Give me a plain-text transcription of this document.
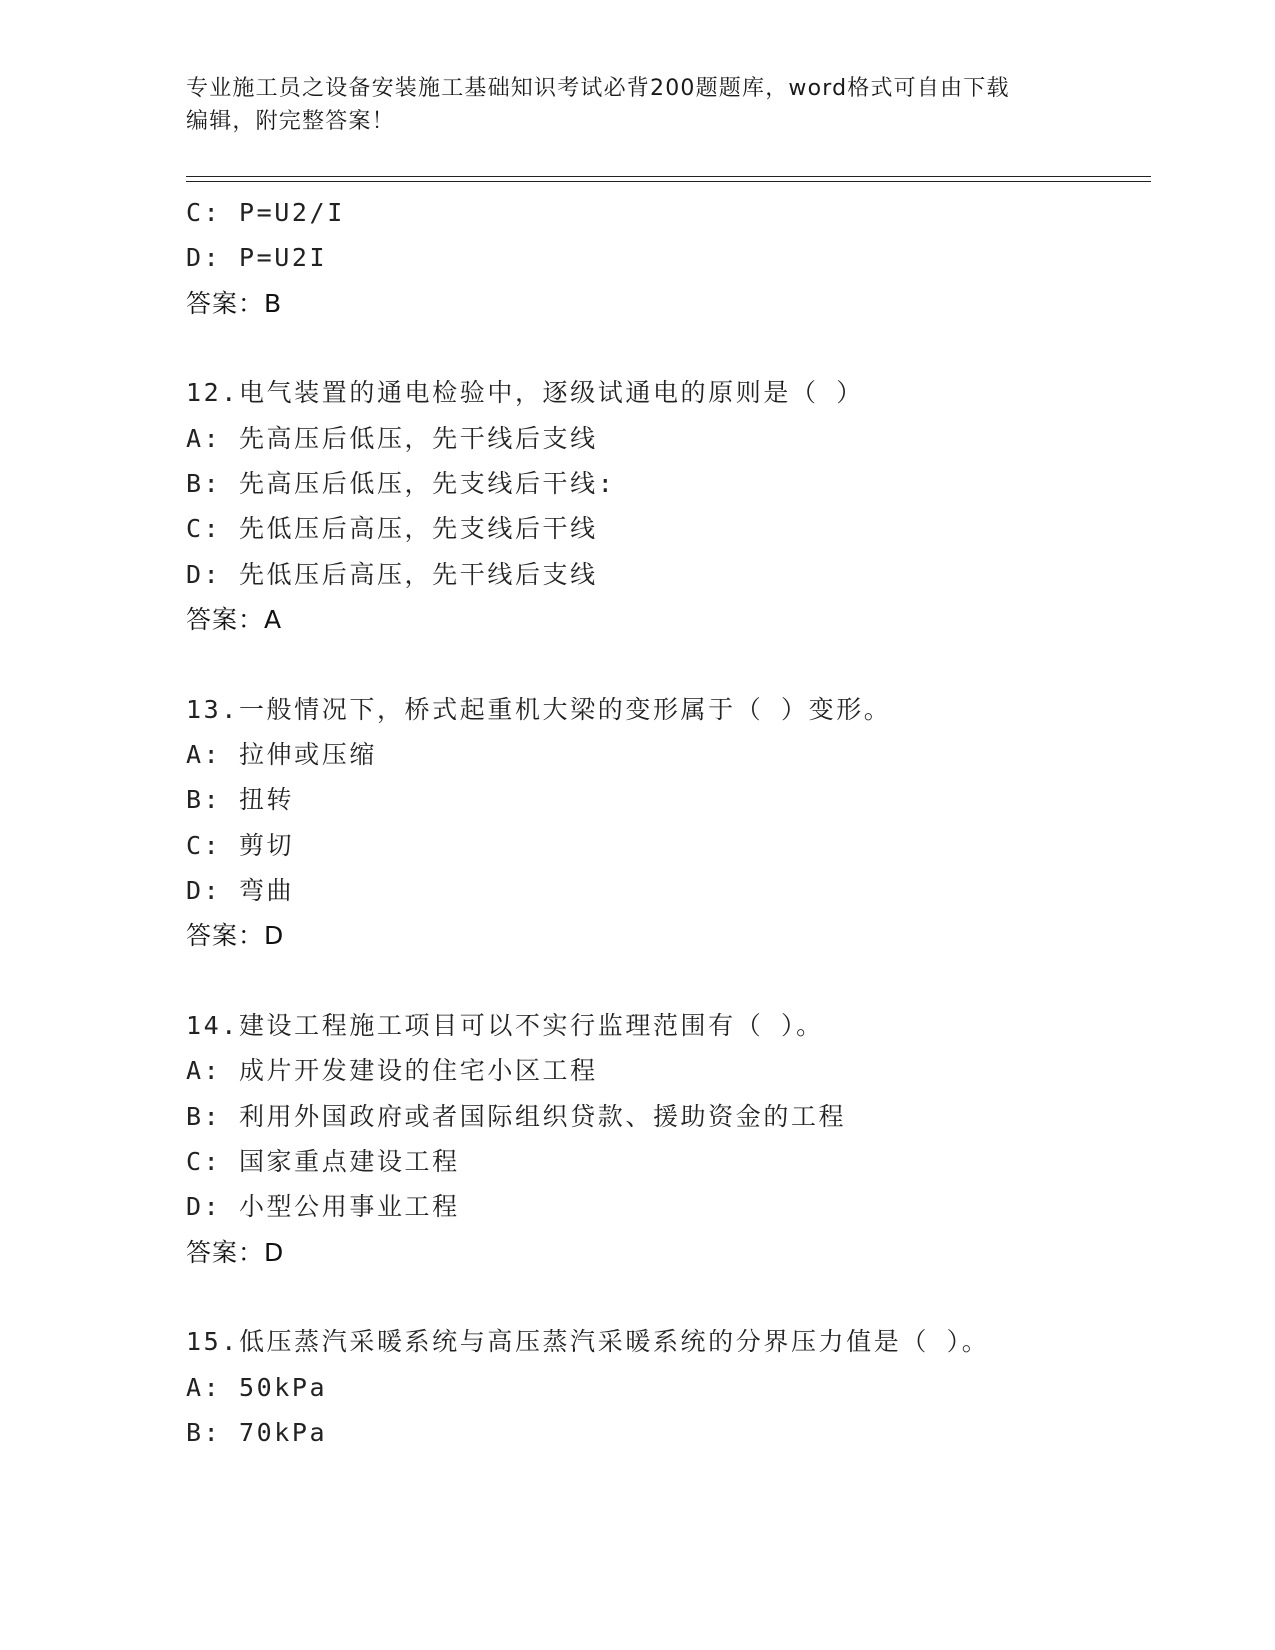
专业施工员之设备安装施工基础知识考试必背200题题库，word格式可自由下载
编辑，附完整答案！
C: P=U2/I
D: P=U2I
答案：B
12.电气装置的通电检验中，逐级试通电的原则是（ ）
A: 先高压后低压，先干线后支线
B: 先高压后低压，先支线后干线:
C: 先低压后高压，先支线后干线
D: 先低压后高压，先干线后支线
答案：A
13.一般情况下，桥式起重机大梁的变形属于（ ）变形。
A: 拉伸或压缩
B: 扭转
C: 剪切
D: 弯曲
答案：D
14.建设工程施工项目可以不实行监理范围有（ ）。
A: 成片开发建设的住宅小区工程
B: 利用外国政府或者国际组织贷款、援助资金的工程
C: 国家重点建设工程
D: 小型公用事业工程
答案：D
15.低压蒸汽采暖系统与高压蒸汽采暖系统的分界压力值是（ ）。
A: 50kPa
B: 70kPa
